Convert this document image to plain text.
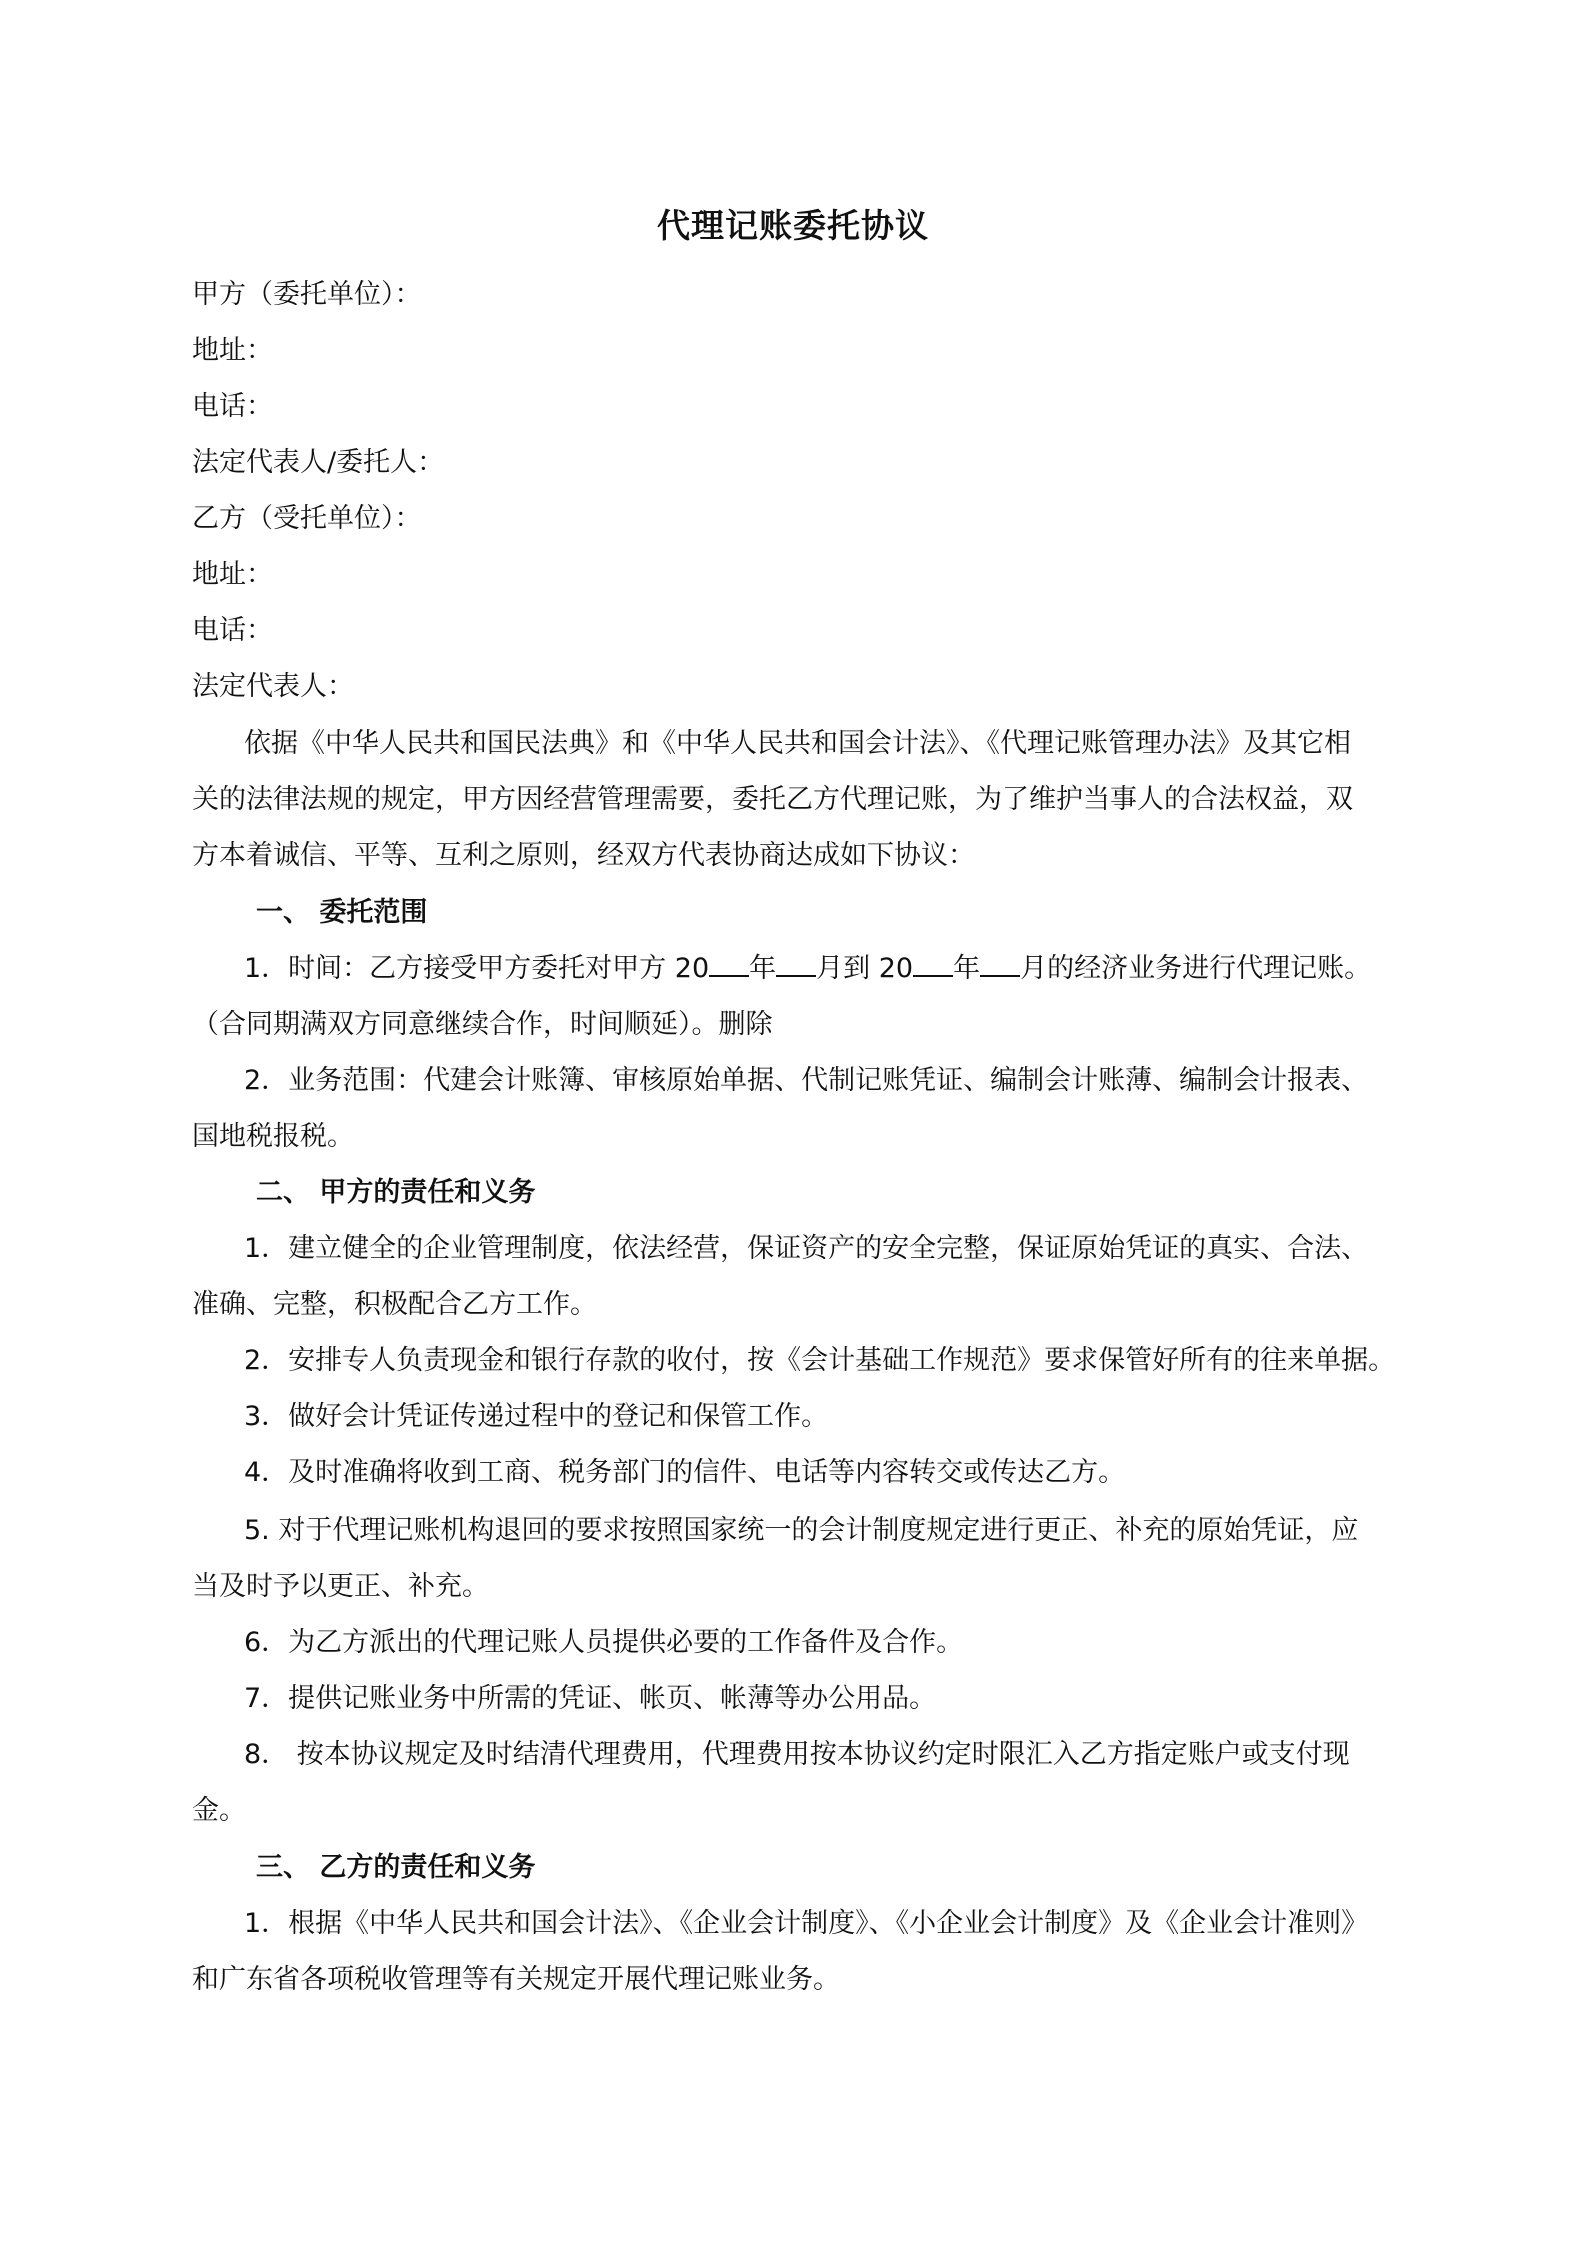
代理记账委托协议
甲方（委托单位）：
地址：
电话：
法定代表人/委托人：
乙方（受托单位）：
地址：
电话：
法定代表人：
依据《中华人民共和国民法典》和《中华人民共和国会计法》、《代理记账管理办法》及其它相
关的法律法规的规定，甲方因经营管理需要，委托乙方代理记账，为了维护当事人的合法权益，双
方本着诚信、平等、互利之原则，经双方代表协商达成如下协议：
一、 委托范围
1．时间：乙方接受甲方委托对甲方 20 年 月到 20 年 月的经济业务进行代理记账。
（合同期满双方同意继续合作，时间顺延）。删除
2．业务范围：代建会计账簿、审核原始单据、代制记账凭证、编制会计账薄、编制会计报表、
国地税报税。
二、 甲方的责任和义务
1．建立健全的企业管理制度，依法经营，保证资产的安全完整，保证原始凭证的真实、合法、
准确、完整，积极配合乙方工作。
2．安排专人负责现金和银行存款的收付，按《会计基础工作规范》要求保管好所有的往来单据。
3．做好会计凭证传递过程中的登记和保管工作。
4．及时准确将收到工商、税务部门的信件、电话等内容转交或传达乙方。
5. 对于代理记账机构退回的要求按照国家统一的会计制度规定进行更正、补充的原始凭证，应
当及时予以更正、补充。
6．为乙方派出的代理记账人员提供必要的工作备件及合作。
7．提供记账业务中所需的凭证、帐页、帐薄等办公用品。
8． 按本协议规定及时结清代理费用，代理费用按本协议约定时限汇入乙方指定账户或支付现
金。
三、 乙方的责任和义务
1．根据《中华人民共和国会计法》、《企业会计制度》、《小企业会计制度》及《企业会计准则》
和广东省各项税收管理等有关规定开展代理记账业务。
